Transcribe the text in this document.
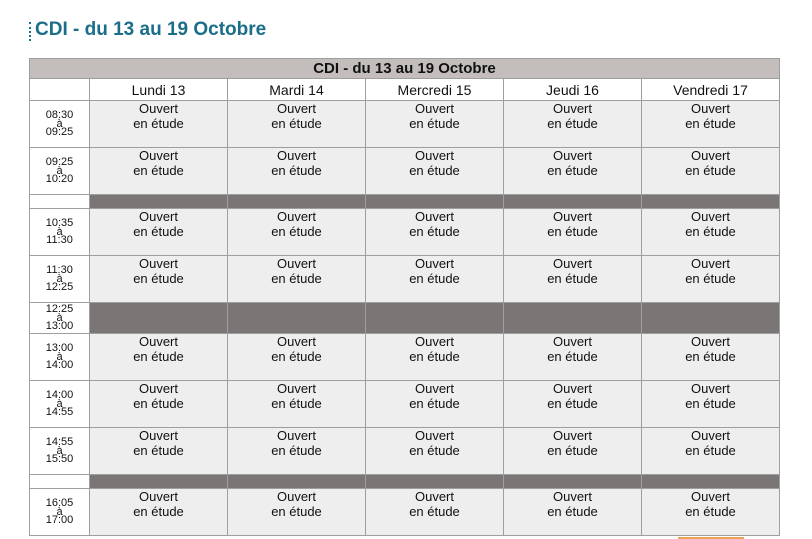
CDI - du 13 au 19 Octobre
CDI - du 13 au 19 Octobre					
	Lundi 13	Mardi 14	Mercredi 15	Jeudi 16	Vendredi 17

08:30
à
09:25	Ouvert
en étude	Ouvert
en étude	Ouvert
en étude	Ouvert
en étude	Ouvert
en étude

09:25
à
10:20	Ouvert
en étude	Ouvert
en étude	Ouvert
en étude	Ouvert
en étude	Ouvert
en étude

10:35
à
11:30	Ouvert
en étude	Ouvert
en étude	Ouvert
en étude	Ouvert
en étude	Ouvert
en étude

11:30
à
12:25	Ouvert
en étude	Ouvert
en étude	Ouvert
en étude	Ouvert
en étude	Ouvert
en étude

12:25
à
13:00					

13:00
à
14:00	Ouvert
en étude	Ouvert
en étude	Ouvert
en étude	Ouvert
en étude	Ouvert
en étude

14:00
à
14:55	Ouvert
en étude	Ouvert
en étude	Ouvert
en étude	Ouvert
en étude	Ouvert
en étude

14:55
à
15:50	Ouvert
en étude	Ouvert
en étude	Ouvert
en étude	Ouvert
en étude	Ouvert
en étude

16:05
à
17:00	Ouvert
en étude	Ouvert
en étude	Ouvert
en étude	Ouvert
en étude	Ouvert
en étude
